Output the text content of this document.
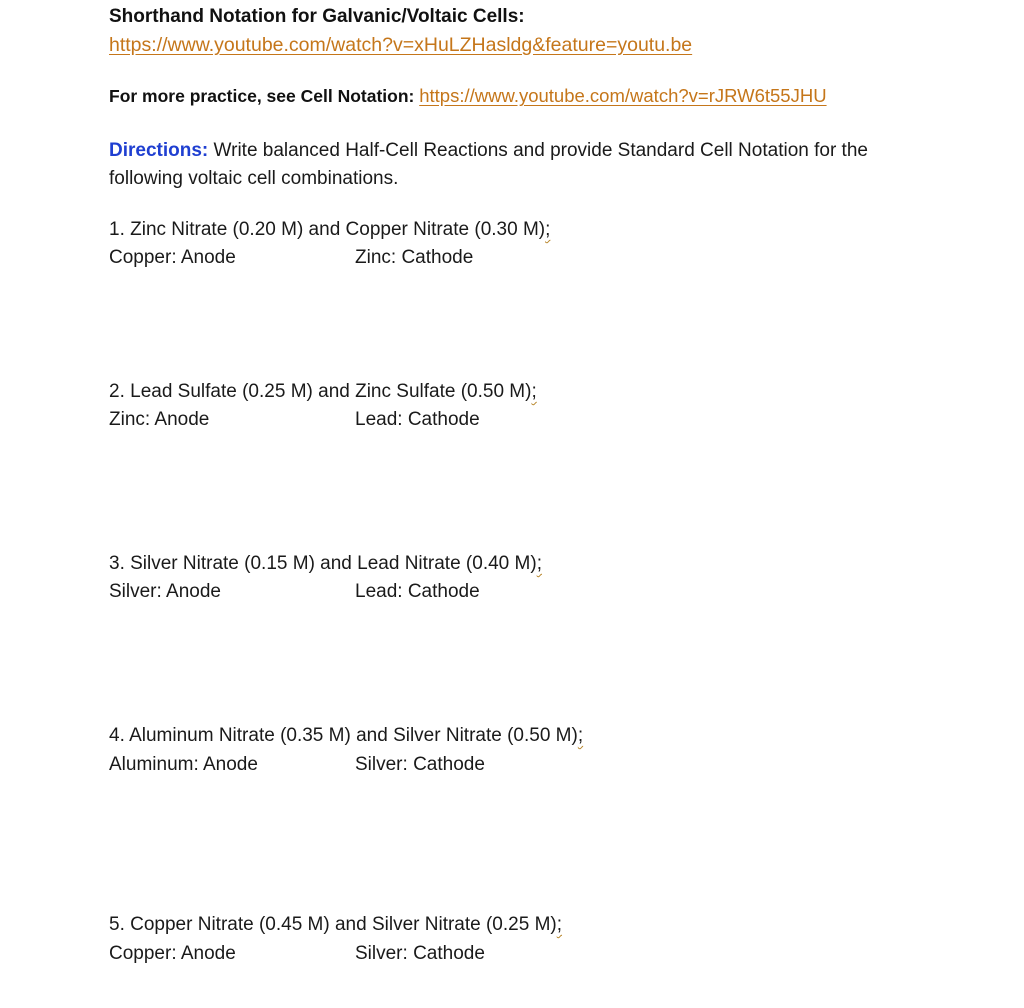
Shorthand Notation for Galvanic/Voltaic Cells:
https://www.youtube.com/watch?v=xHuLZHasldg&feature=youtu.be
For more practice, see Cell Notation: https://www.youtube.com/watch?v=rJRW6t55JHU
Directions: Write balanced Half-Cell Reactions and provide Standard Cell Notation for the following voltaic cell combinations.
1. Zinc Nitrate (0.20 M) and Copper Nitrate (0.30 M);
Copper: Anode	Zinc: Cathode
2. Lead Sulfate (0.25 M) and Zinc Sulfate (0.50 M);
Zinc: Anode	Lead: Cathode
3. Silver Nitrate (0.15 M) and Lead Nitrate (0.40 M);
Silver: Anode	Lead: Cathode
4. Aluminum Nitrate (0.35 M) and Silver Nitrate (0.50 M);
Aluminum: Anode	Silver: Cathode
5. Copper Nitrate (0.45 M) and Silver Nitrate (0.25 M);
Copper: Anode	Silver: Cathode
